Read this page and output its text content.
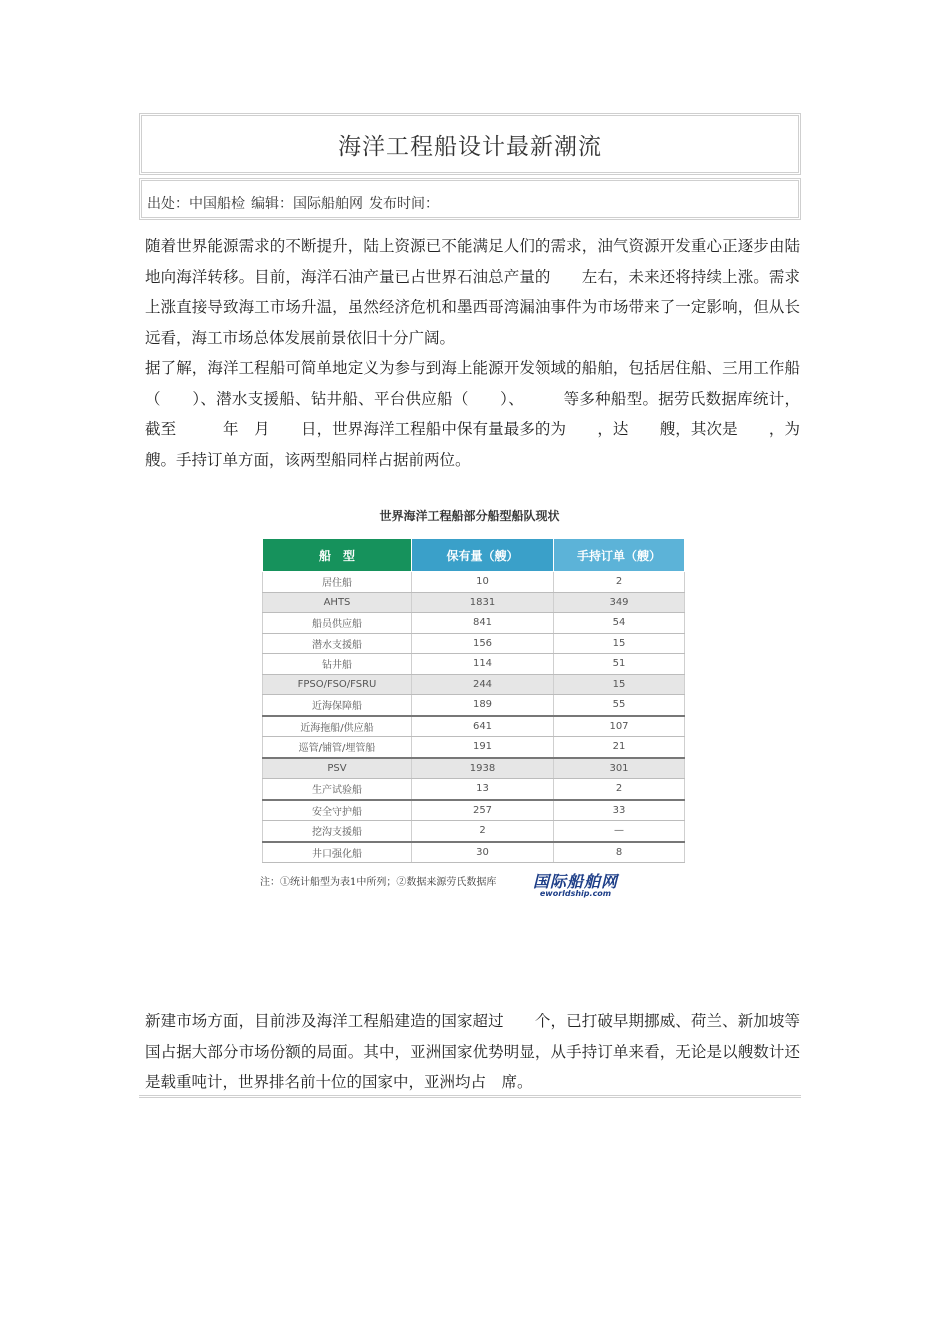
海洋工程船设计最新潮流
出处：中国船检 编辑：国际船舶网 发布时间：

随着世界能源需求的不断提升，陆上资源已不能满足人们的需求，油气资源开发重心正逐步由陆地向海洋转移。目前，海洋石油产量已占世界石油总产量的　　左右，未来还将持续上涨。需求上涨直接导致海工市场升温，虽然经济危机和墨西哥湾漏油事件为市场带来了一定影响，但从长远看，海工市场总体发展前景依旧十分广阔。

据了解，海洋工程船可简单地定义为参与到海上能源开发领域的船舶，包括居住船、三用工作船（　　）、潜水支援船、钻井船、平台供应船（　　）、　　　等多种船型。据劳氏数据库统计，截至　　　年　月　　日，世界海洋工程船中保有量最多的为　　，达　　艘，其次是　　，为　　　艘。手持订单方面，该两型船同样占据前两位。

世界海洋工程船部分船型船队现状
船　型	保有量（艘）	手持订单（艘）
居住船	10	2
AHTS	1831	349
船员供应船	841	54
潜水支援船	156	15
钻井船	114	51
FPSO/FSO/FSRU	244	15
近海保障船	189	55
近海拖船/供应船	641	107
巡管/铺管/埋管船	191	21
PSV	1938	301
生产试验船	13	2
安全守护船	257	33
挖沟支援船	2	—
井口强化船	30	8
注：①统计船型为表1中所列；②数据来源劳氏数据库 国际船舶网
eworldship.com

新建市场方面，目前涉及海洋工程船建造的国家超过　　个，已打破早期挪威、荷兰、新加坡等国占据大部分市场份额的局面。其中，亚洲国家优势明显，从手持订单来看，无论是以艘数计还是载重吨计，世界排名前十位的国家中，亚洲均占　席。
